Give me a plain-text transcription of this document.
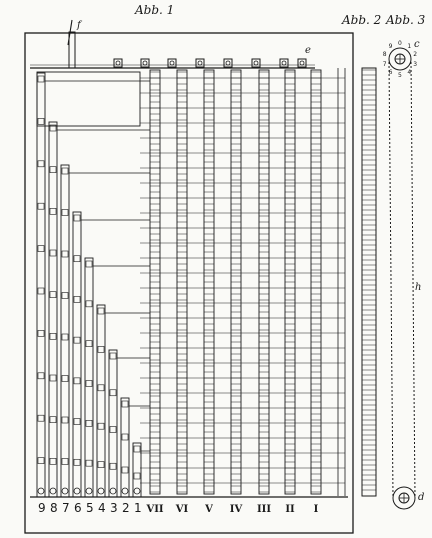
Abb. 1
Abb. 2 Abb. 3
f
e
c
d
h
0 1
2
3
4
5
6
7
8
9
9 8 7 6 5 4 3 2 1 VII VI V IV III II I
